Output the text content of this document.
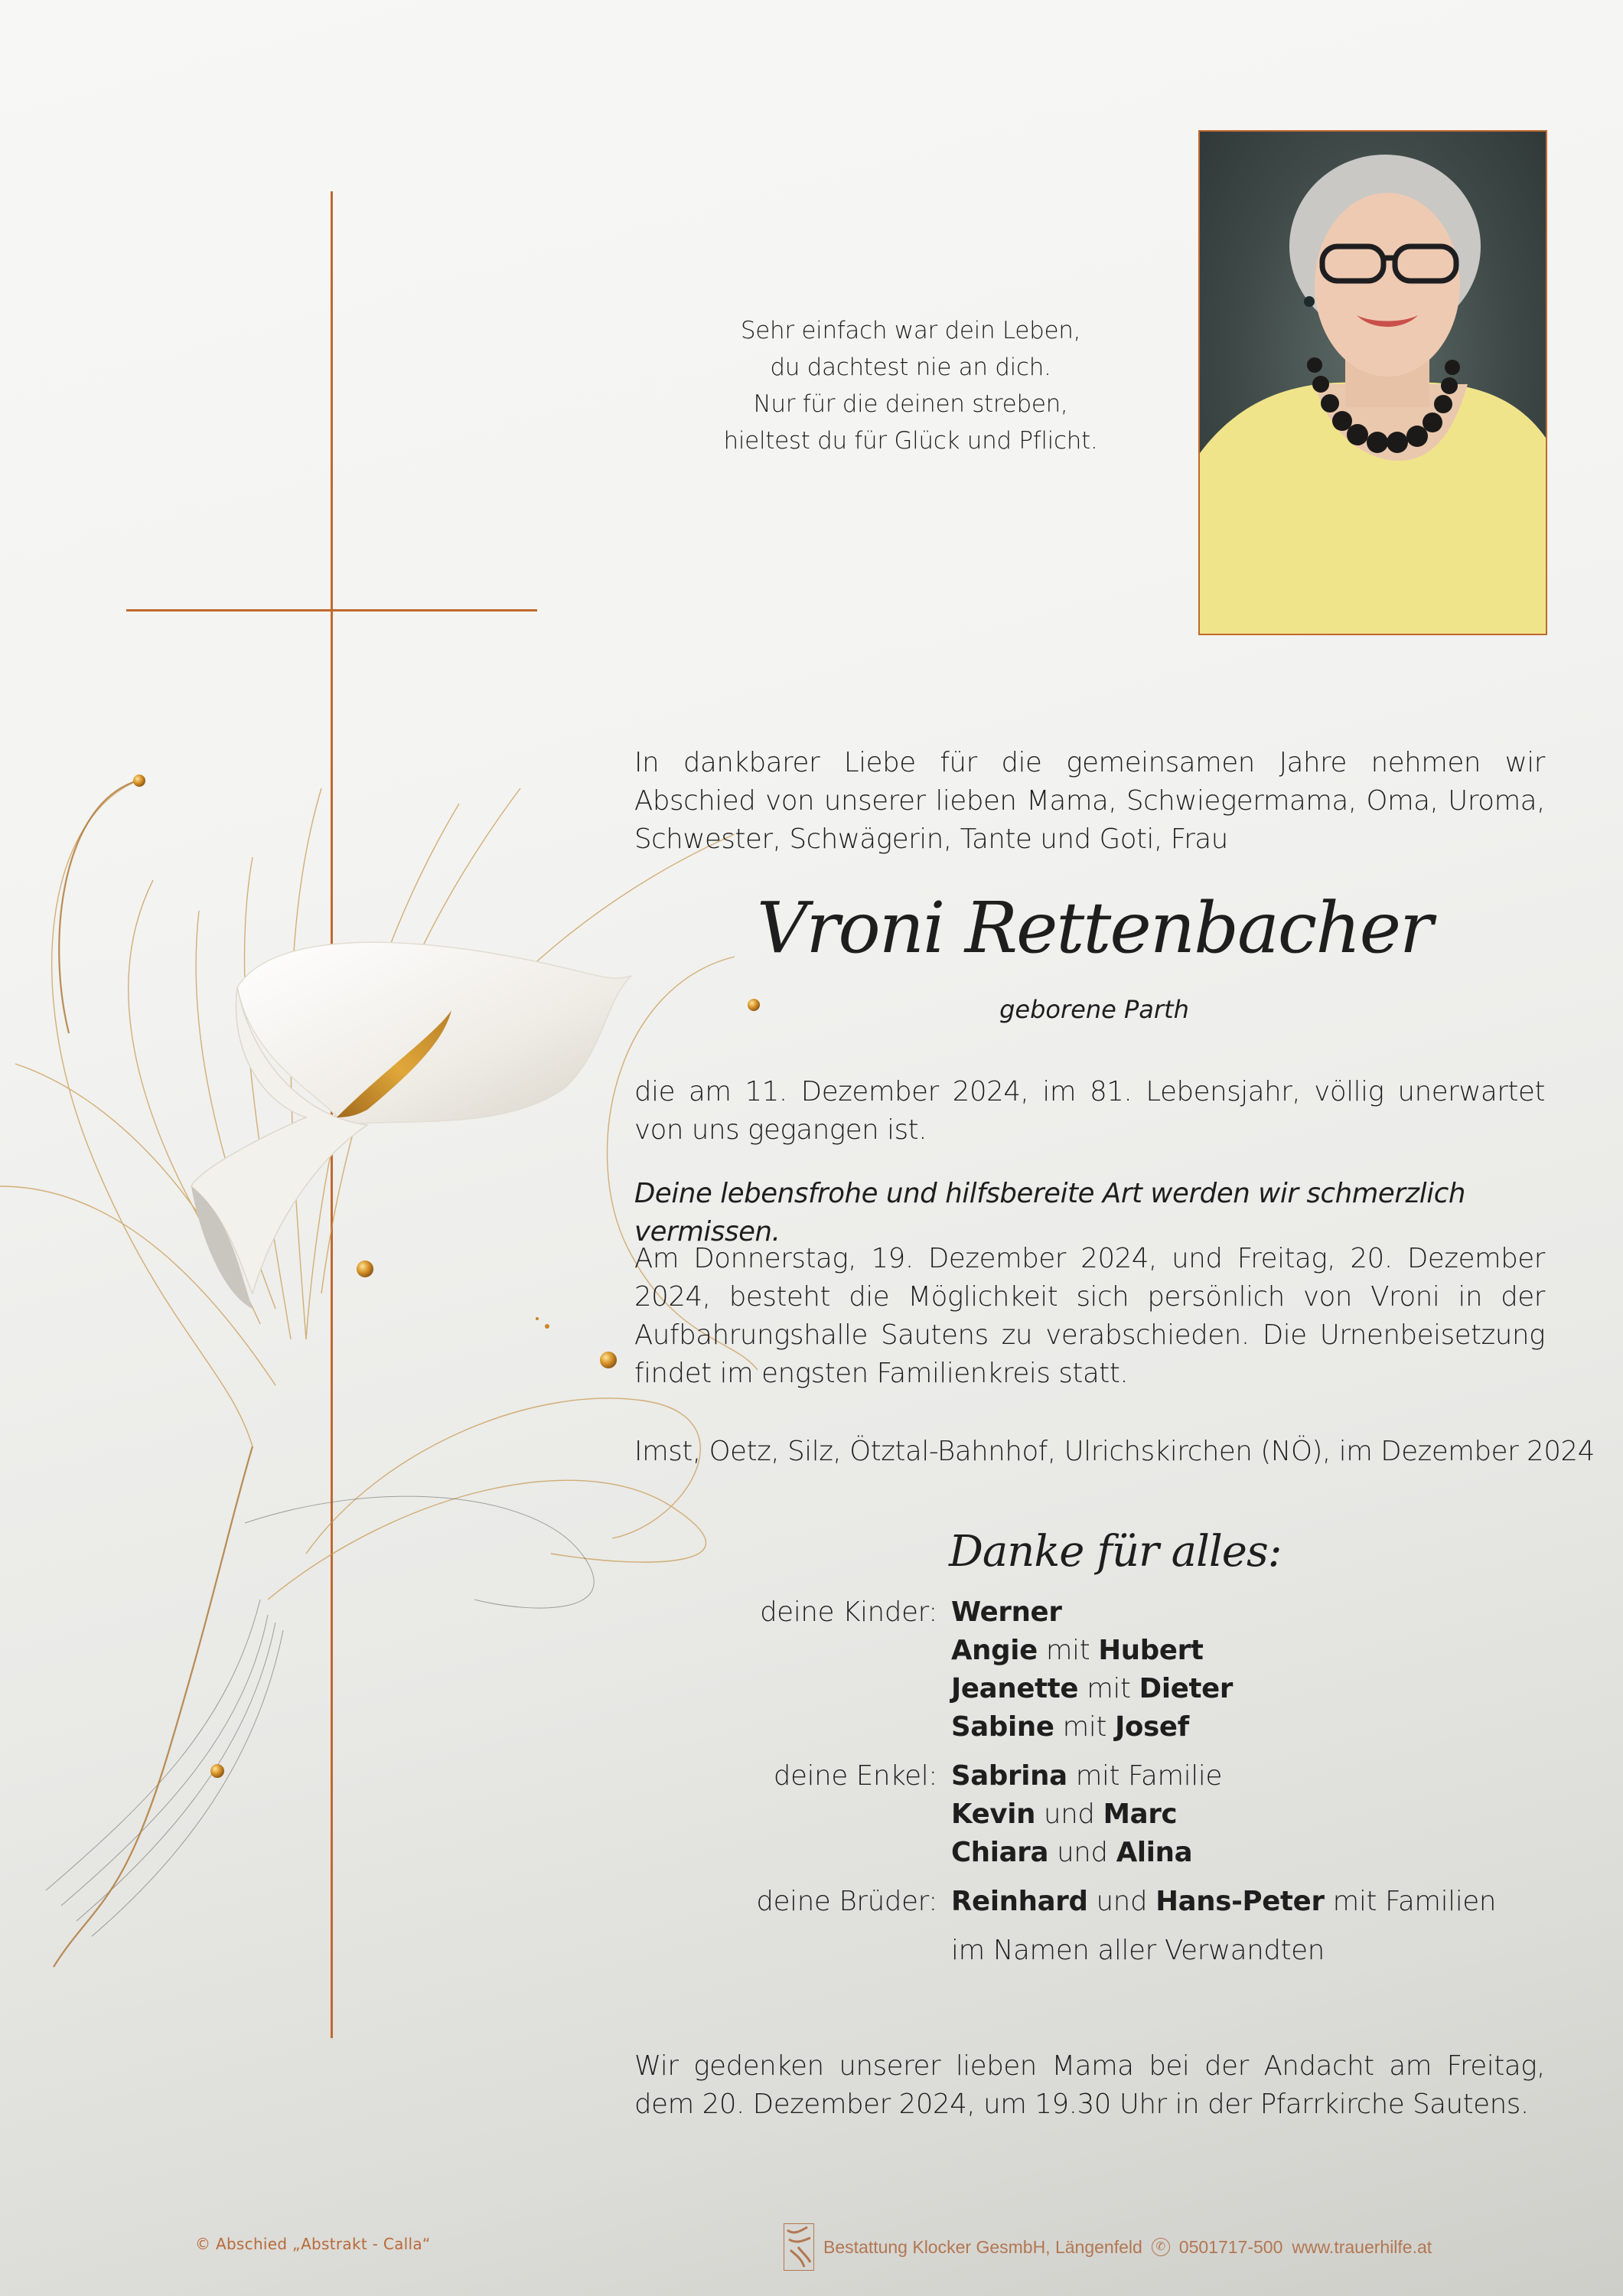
Sehr einfach war dein Leben,
du dachtest nie an dich.
Nur für die deinen streben,
hieltest du für Glück und Pflicht.
In dankbarer Liebe für die gemeinsamen Jahre nehmen wir Abschied von unserer lieben Mama, Schwiegermama, Oma, Uroma, Schwester, Schwägerin, Tante und Goti, Frau
Vroni Rettenbacher
geborene Parth
die am 11. Dezember 2024, im 81. Lebensjahr, völlig unerwartet von uns gegangen ist.
Deine lebensfrohe und hilfsbereite Art werden wir schmerzlich vermissen.
Am Donnerstag, 19. Dezember 2024, und Freitag, 20. Dezember 2024, besteht die Möglichkeit sich persönlich von Vroni in der Aufbahrungshalle Sautens zu verabschieden. Die Urnenbeisetzung findet im engsten Familienkreis statt.
Imst, Oetz, Silz, Ötztal-Bahnhof, Ulrichskirchen (NÖ), im Dezember 2024
Danke für alles:
deine Kinder: Werner
Angie mit Hubert
Jeanette mit Dieter
Sabine mit Josef
deine Enkel: Sabrina mit Familie
Kevin und Marc
Chiara und Alina
deine Brüder: Reinhard und Hans-Peter mit Familien
im Namen aller Verwandten
Wir gedenken unserer lieben Mama bei der Andacht am Freitag, dem 20. Dezember 2024, um 19.30 Uhr in der Pfarrkirche Sautens.
© Abschied „Abstrakt - Calla“	Bestattung Klocker GesmbH, Längenfeld	✆ 0501717-500 www.trauerhilfe.at
